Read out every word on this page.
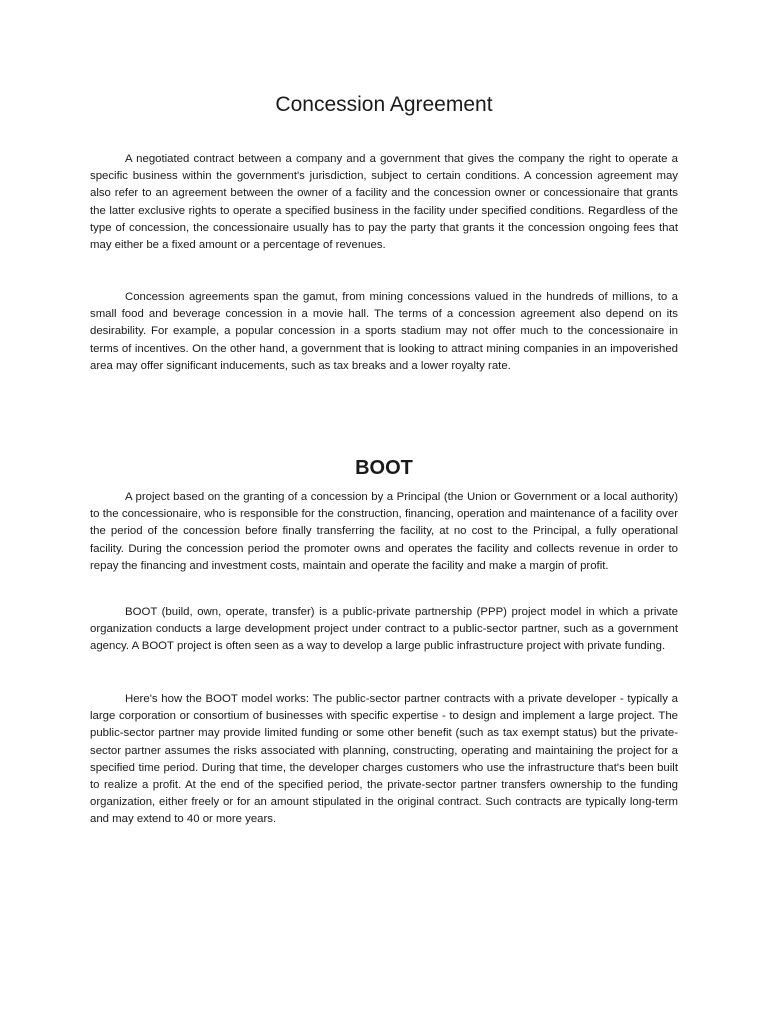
Concession Agreement

A negotiated contract between a company and a government that gives the company the right to operate a specific business within the government's jurisdiction, subject to certain conditions. A concession agreement may also refer to an agreement between the owner of a facility and the concession owner or concessionaire that grants the latter exclusive rights to operate a specified business in the facility under specified conditions. Regardless of the type of concession, the concessionaire usually has to pay the party that grants it the concession ongoing fees that may either be a fixed amount or a percentage of revenues.

Concession agreements span the gamut, from mining concessions valued in the hundreds of millions, to a small food and beverage concession in a movie hall. The terms of a concession agreement also depend on its desirability. For example, a popular concession in a sports stadium may not offer much to the concessionaire in terms of incentives. On the other hand, a government that is looking to attract mining companies in an impoverished area may offer significant inducements, such as tax breaks and a lower royalty rate.

BOOT

A project based on the granting of a concession by a Principal (the Union or Government or a local authority) to the concessionaire, who is responsible for the construction, financing, operation and maintenance of a facility over the period of the concession before finally transferring the facility, at no cost to the Principal, a fully operational facility. During the concession period the promoter owns and operates the facility and collects revenue in order to repay the financing and investment costs, maintain and operate the facility and make a margin of profit.

BOOT (build, own, operate, transfer) is a public-private partnership (PPP) project model in which a private organization conducts a large development project under contract to a public-sector partner, such as a government agency. A BOOT project is often seen as a way to develop a large public infrastructure project with private funding.

Here's how the BOOT model works: The public-sector partner contracts with a private developer - typically a large corporation or consortium of businesses with specific expertise - to design and implement a large project. The public-sector partner may provide limited funding or some other benefit (such as tax exempt status) but the private-sector partner assumes the risks associated with planning, constructing, operating and maintaining the project for a specified time period. During that time, the developer charges customers who use the infrastructure that's been built to realize a profit. At the end of the specified period, the private-sector partner transfers ownership to the funding organization, either freely or for an amount stipulated in the original contract. Such contracts are typically long-term and may extend to 40 or more years.
